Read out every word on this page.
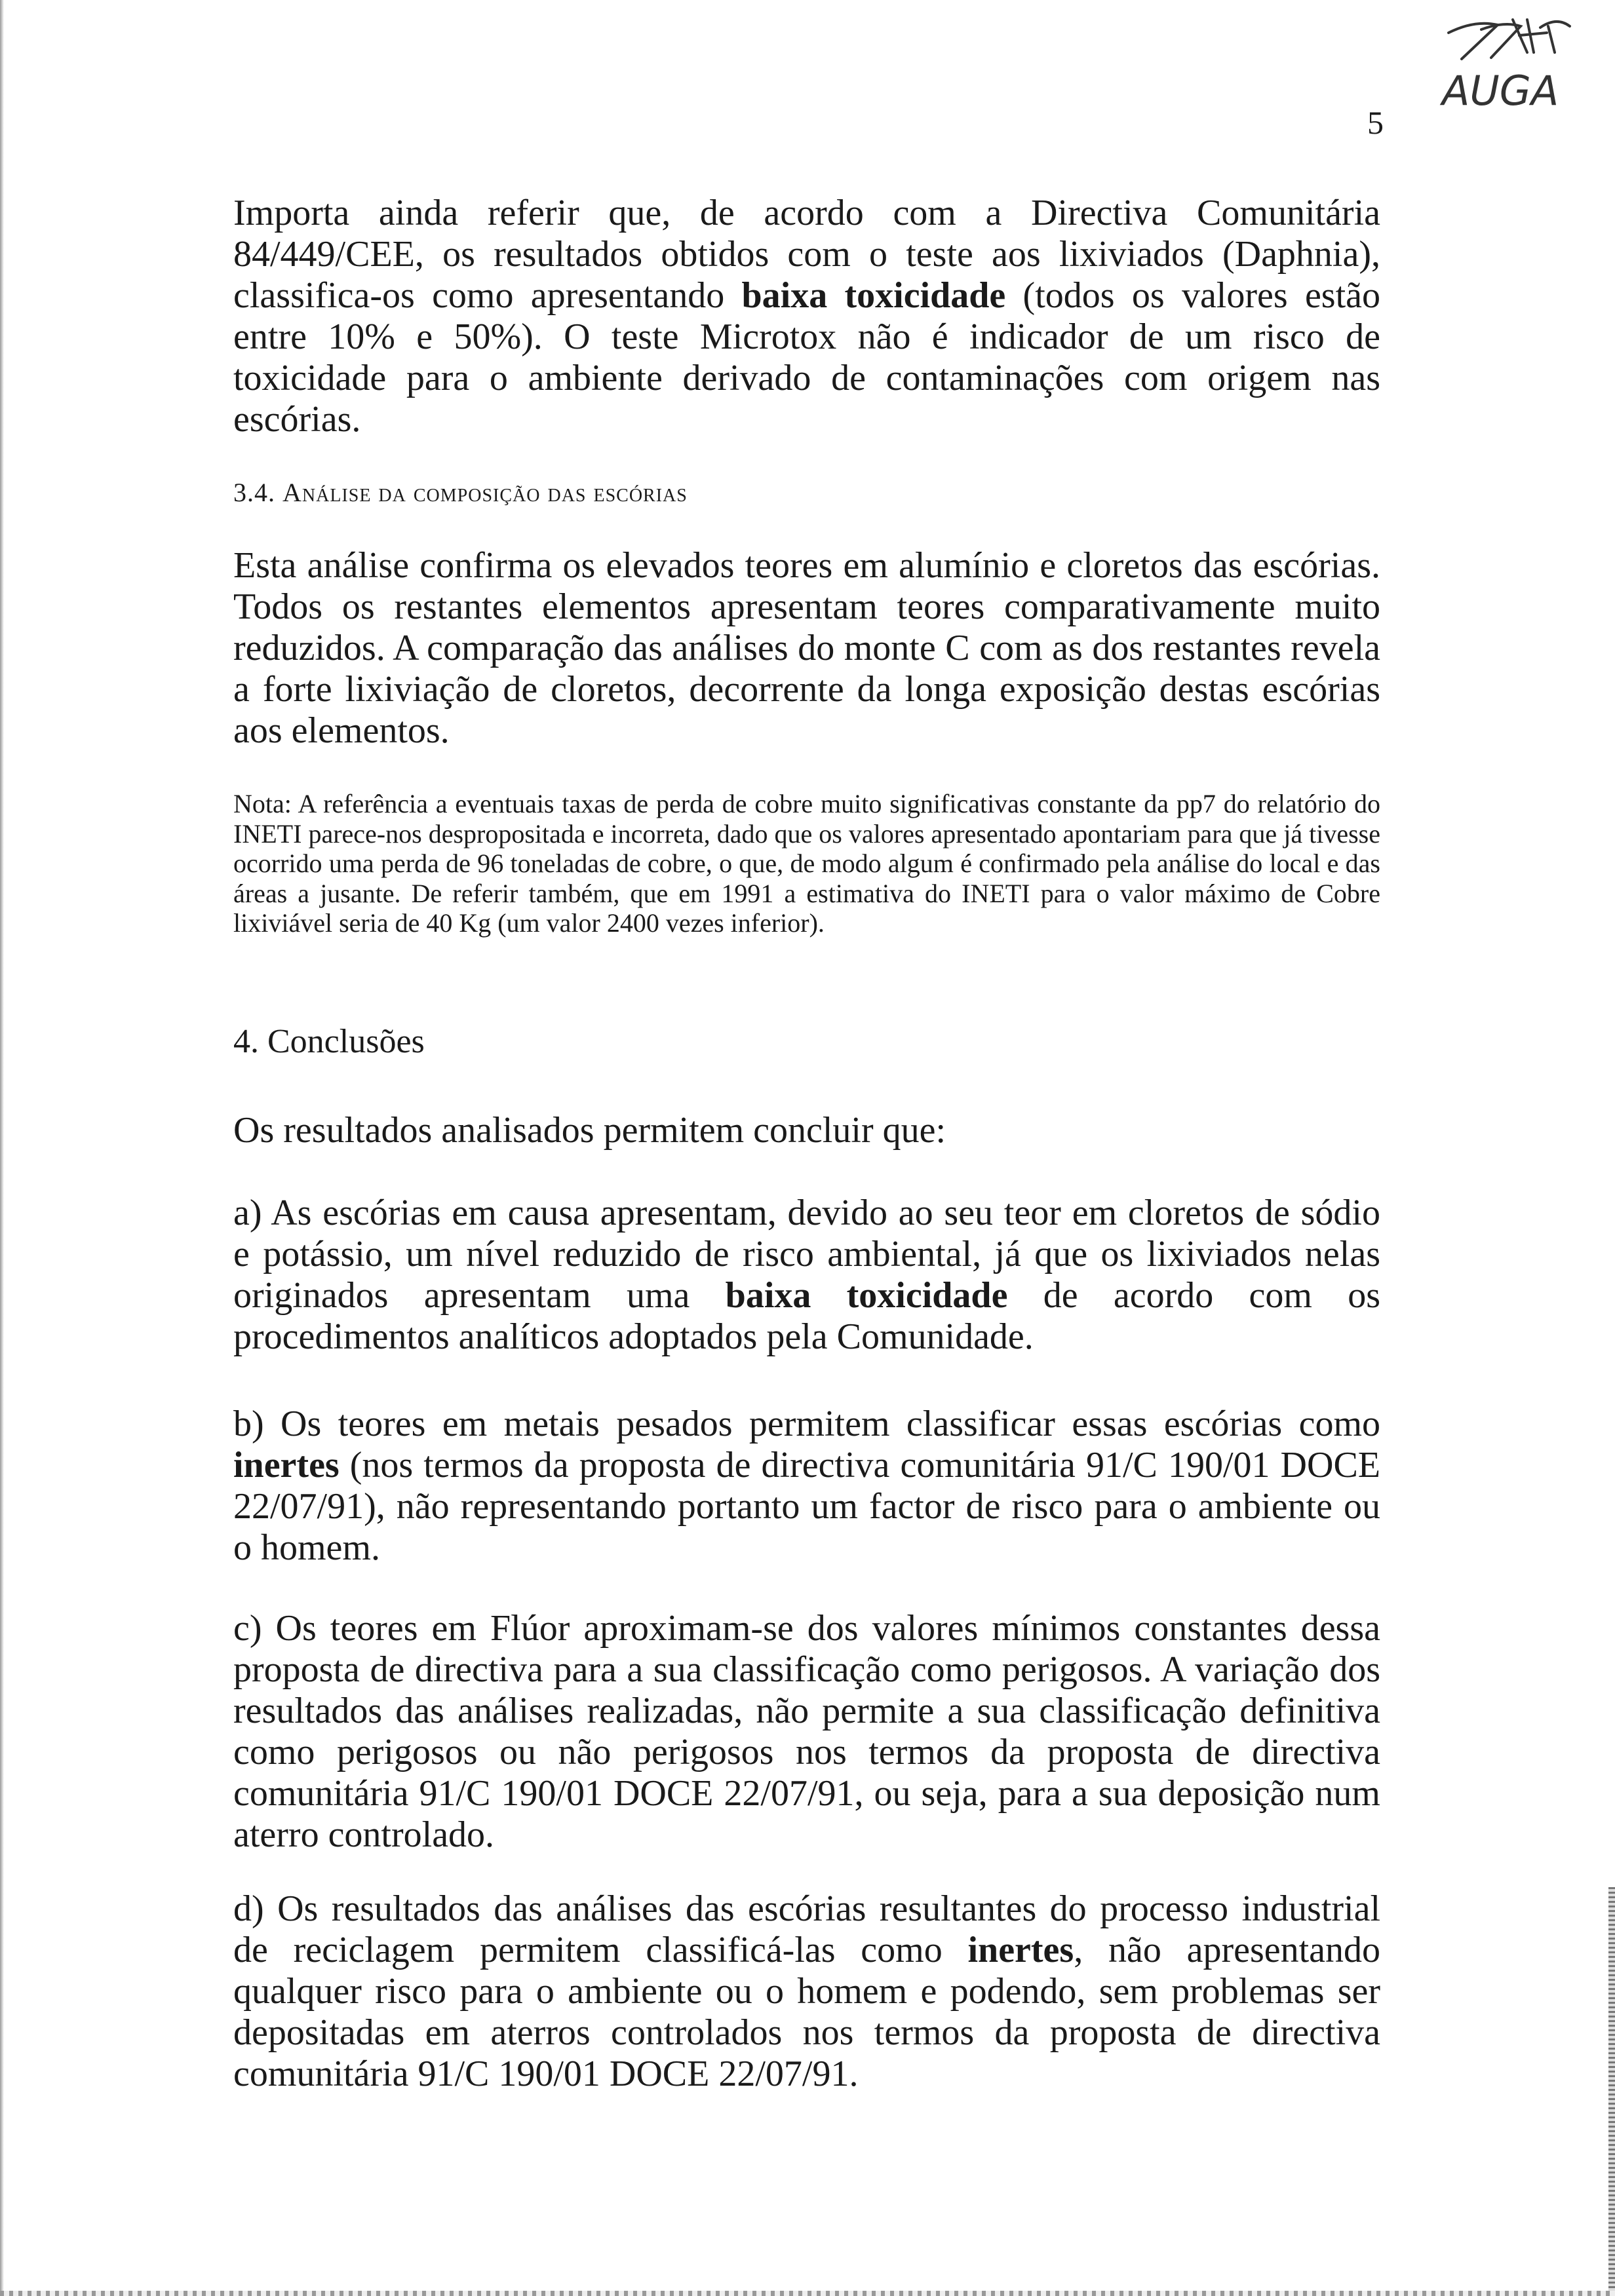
AUGA
5

Importa ainda referir que, de acordo com a Directiva Comunitária 84/449/CEE, os resultados obtidos com o teste aos lixiviados (Daphnia), classifica-os como apresentando baixa toxicidade (todos os valores estão entre 10% e 50%). O teste Microtox não é indicador de um risco de toxicidade para o ambiente derivado de contaminações com origem nas escórias.

3.4. Análise da composição das escórias

Esta análise confirma os elevados teores em alumínio e cloretos das escórias. Todos os restantes elementos apresentam teores comparativamente muito reduzidos. A comparação das análises do monte C com as dos restantes revela a forte lixiviação de cloretos, decorrente da longa exposição destas escórias aos elementos.

Nota: A referência a eventuais taxas de perda de cobre muito significativas constante da pp7 do relatório do INETI parece-nos despropositada e incorreta, dado que os valores apresentado apontariam para que já tivesse ocorrido uma perda de 96 toneladas de cobre, o que, de modo algum é confirmado pela análise do local e das áreas a jusante. De referir também, que em 1991 a estimativa do INETI para o valor máximo de Cobre lixiviável seria de 40 Kg (um valor 2400 vezes inferior).

4. Conclusões

Os resultados analisados permitem concluir que:

a) As escórias em causa apresentam, devido ao seu teor em cloretos de sódio e potássio, um nível reduzido de risco ambiental, já que os lixiviados nelas originados apresentam uma baixa toxicidade de acordo com os procedimentos analíticos adoptados pela Comunidade.

b) Os teores em metais pesados permitem classificar essas escórias como inertes (nos termos da proposta de directiva comunitária 91/C 190/01 DOCE 22/07/91), não representando portanto um factor de risco para o ambiente ou o homem.

c) Os teores em Flúor aproximam-se dos valores mínimos constantes dessa proposta de directiva para a sua classificação como perigosos. A variação dos resultados das análises realizadas, não permite a sua classificação definitiva como perigosos ou não perigosos nos termos da proposta de directiva comunitária 91/C 190/01 DOCE 22/07/91, ou seja, para a sua deposição num aterro controlado.

d) Os resultados das análises das escórias resultantes do processo industrial de reciclagem permitem classificá-las como inertes, não apresentando qualquer risco para o ambiente ou o homem e podendo, sem problemas ser depositadas em aterros controlados nos termos da proposta de directiva comunitária 91/C 190/01 DOCE 22/07/91.
